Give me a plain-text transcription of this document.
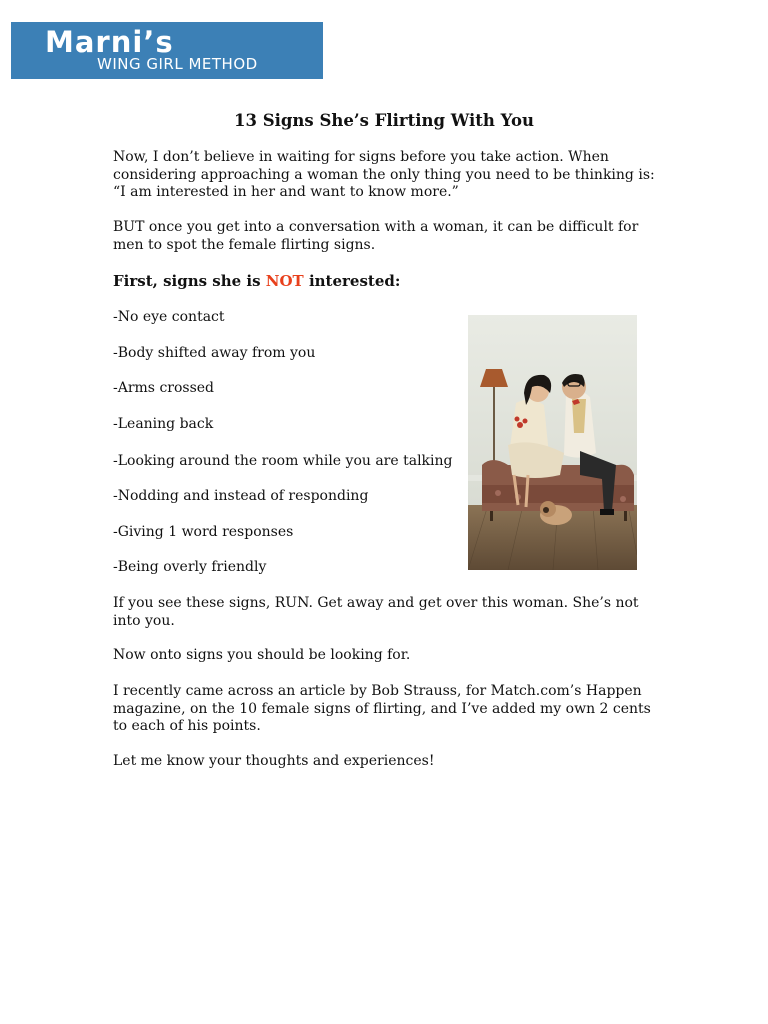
Marni’s
WING GIRL METHOD
13 Signs She’s Flirting With You

Now, I don’t believe in waiting for signs before you take action. When considering approaching a woman the only thing you need to be thinking is: “I am interested in her and want to know more.”

BUT once you get into a conversation with a woman, it can be difficult for men to spot the female flirting signs.

First, signs she is NOT interested:

-No eye contact

-Body shifted away from you

-Arms crossed

-Leaning back

-Looking around the room while you are talking

-Nodding and instead of responding

-Giving 1 word responses

-Being overly friendly

If you see these signs, RUN. Get away and get over this woman. She’s not into you.

Now onto signs you should be looking for.

I recently came across an article by Bob Strauss, for Match.com’s Happen magazine, on the 10 female signs of flirting, and I’ve added my own 2 cents to each of his points.

Let me know your thoughts and experiences!
